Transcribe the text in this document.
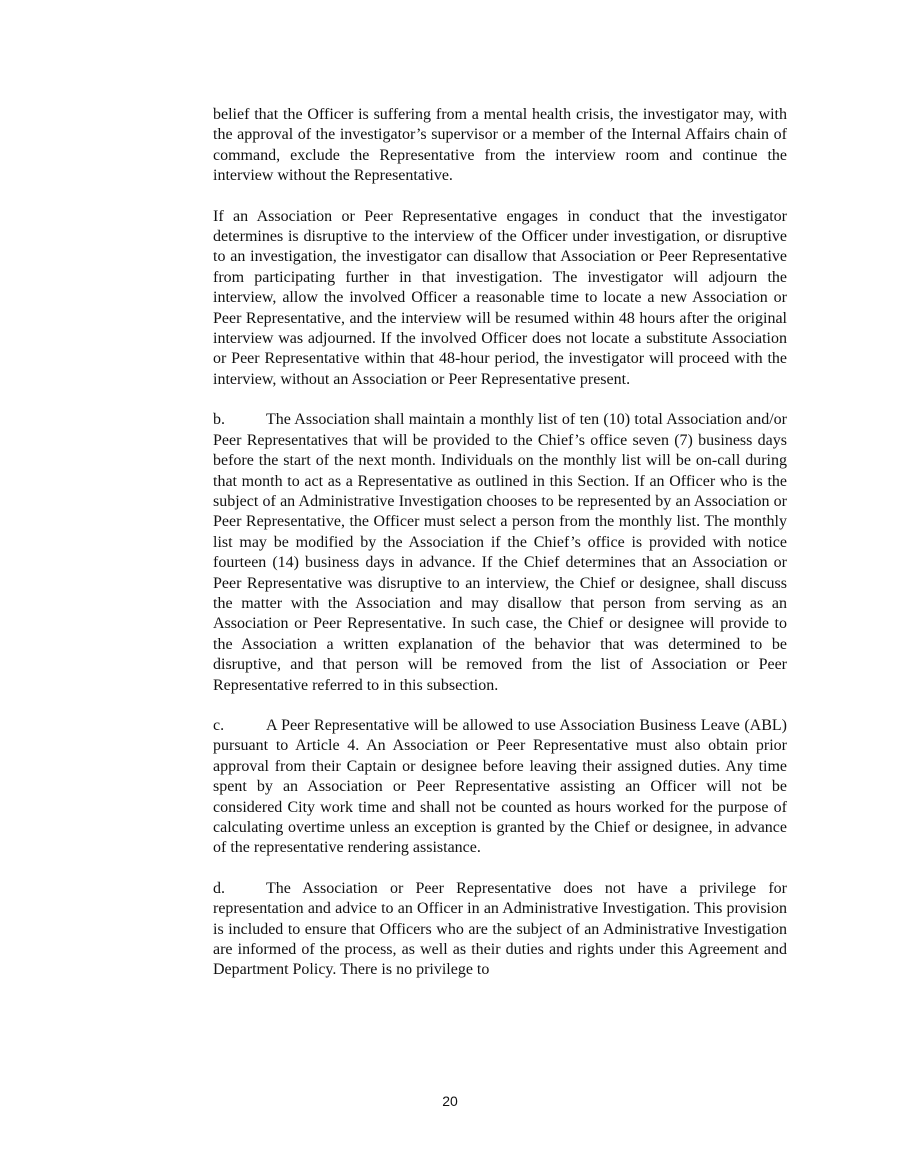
belief that the Officer is suffering from a mental health crisis, the investigator may, with the approval of the investigator’s supervisor or a member of the Internal Affairs chain of command, exclude the Representative from the interview room and continue the interview without the Representative.

If an Association or Peer Representative engages in conduct that the investigator determines is disruptive to the interview of the Officer under investigation, or disruptive to an investigation, the investigator can disallow that Association or Peer Representative from participating further in that investigation. The investigator will adjourn the interview, allow the involved Officer a reasonable time to locate a new Association or Peer Representative, and the interview will be resumed within 48 hours after the original interview was adjourned. If the involved Officer does not locate a substitute Association or Peer Representative within that 48-hour period, the investigator will proceed with the interview, without an Association or Peer Representative present.

b.	The Association shall maintain a monthly list of ten (10) total Association and/or Peer Representatives that will be provided to the Chief’s office seven (7) business days before the start of the next month. Individuals on the monthly list will be on-call during that month to act as a Representative as outlined in this Section. If an Officer who is the subject of an Administrative Investigation chooses to be represented by an Association or Peer Representative, the Officer must select a person from the monthly list. The monthly list may be modified by the Association if the Chief’s office is provided with notice fourteen (14) business days in advance. If the Chief determines that an Association or Peer Representative was disruptive to an interview, the Chief or designee, shall discuss the matter with the Association and may disallow that person from serving as an Association or Peer Representative. In such case, the Chief or designee will provide to the Association a written explanation of the behavior that was determined to be disruptive, and that person will be removed from the list of Association or Peer Representative referred to in this subsection.

c.	A Peer Representative will be allowed to use Association Business Leave (ABL) pursuant to Article 4. An Association or Peer Representative must also obtain prior approval from their Captain or designee before leaving their assigned duties. Any time spent by an Association or Peer Representative assisting an Officer will not be considered City work time and shall not be counted as hours worked for the purpose of calculating overtime unless an exception is granted by the Chief or designee, in advance of the representative rendering assistance.

d.	The Association or Peer Representative does not have a privilege for representation and advice to an Officer in an Administrative Investigation. This provision is included to ensure that Officers who are the subject of an Administrative Investigation are informed of the process, as well as their duties and rights under this Agreement and Department Policy. There is no privilege to

20
